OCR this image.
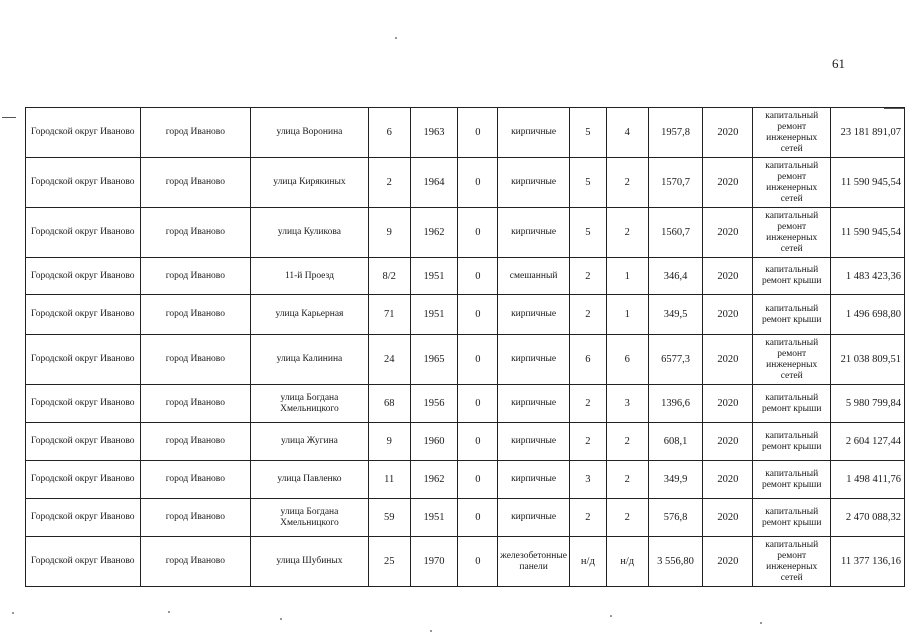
61
Городской округ Иваново	город Иваново	улица Воронина	6	1963	0	кирпичные	5	4	1957,8	2020	капитальный ремонт инженерных сетей	23 181 891,07
Городской округ Иваново	город Иваново	улица Кирякиных	2	1964	0	кирпичные	5	2	1570,7	2020	капитальный ремонт инженерных сетей	11 590 945,54
Городской округ Иваново	город Иваново	улица Куликова	9	1962	0	кирпичные	5	2	1560,7	2020	капитальный ремонт инженерных сетей	11 590 945,54
Городской округ Иваново	город Иваново	11-й Проезд	8/2	1951	0	смешанный	2	1	346,4	2020	капитальный ремонт крыши	1 483 423,36
Городской округ Иваново	город Иваново	улица Карьерная	71	1951	0	кирпичные	2	1	349,5	2020	капитальный ремонт крыши	1 496 698,80
Городской округ Иваново	город Иваново	улица Калинина	24	1965	0	кирпичные	6	6	6577,3	2020	капитальный ремонт инженерных сетей	21 038 809,51
Городской округ Иваново	город Иваново	улица Богдана Хмельницкого	68	1956	0	кирпичные	2	3	1396,6	2020	капитальный ремонт крыши	5 980 799,84
Городской округ Иваново	город Иваново	улица Жугина	9	1960	0	кирпичные	2	2	608,1	2020	капитальный ремонт крыши	2 604 127,44
Городской округ Иваново	город Иваново	улица Павленко	11	1962	0	кирпичные	3	2	349,9	2020	капитальный ремонт крыши	1 498 411,76
Городской округ Иваново	город Иваново	улица Богдана Хмельницкого	59	1951	0	кирпичные	2	2	576,8	2020	капитальный ремонт крыши	2 470 088,32
Городской округ Иваново	город Иваново	улица Шубиных	25	1970	0	железобетонные панели	н/д	н/д	3 556,80	2020	капитальный ремонт инженерных сетей	11 377 136,16
